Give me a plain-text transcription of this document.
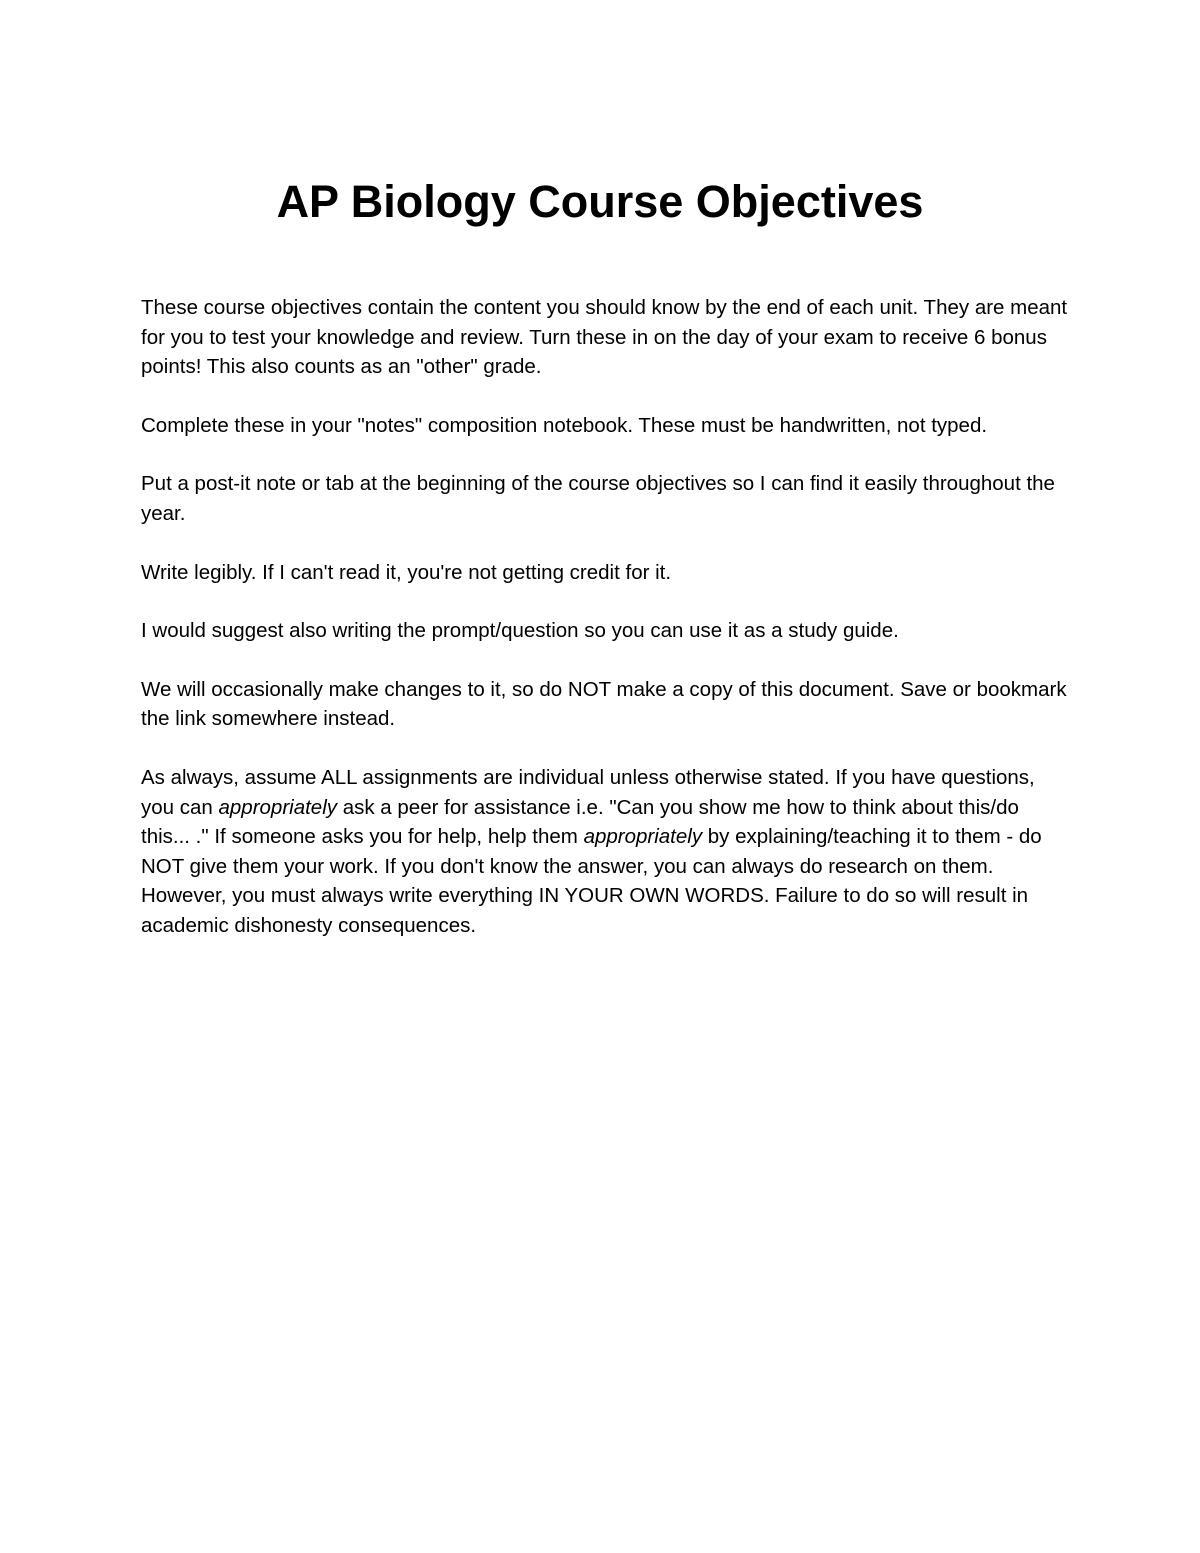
AP Biology Course Objectives

These course objectives contain the content you should know by the end of each unit. They are meant for you to test your knowledge and review. Turn these in on the day of your exam to receive 6 bonus points! This also counts as an "other" grade.

Complete these in your "notes" composition notebook. These must be handwritten, not typed.

Put a post-it note or tab at the beginning of the course objectives so I can find it easily throughout the year.

Write legibly. If I can't read it, you're not getting credit for it.

I would suggest also writing the prompt/question so you can use it as a study guide.

We will occasionally make changes to it, so do NOT make a copy of this document. Save or bookmark the link somewhere instead.

As always, assume ALL assignments are individual unless otherwise stated. If you have questions, you can appropriately ask a peer for assistance i.e. "Can you show me how to think about this/do this... ." If someone asks you for help, help them appropriately by explaining/teaching it to them - do NOT give them your work. If you don't know the answer, you can always do research on them. However, you must always write everything IN YOUR OWN WORDS. Failure to do so will result in academic dishonesty consequences.
